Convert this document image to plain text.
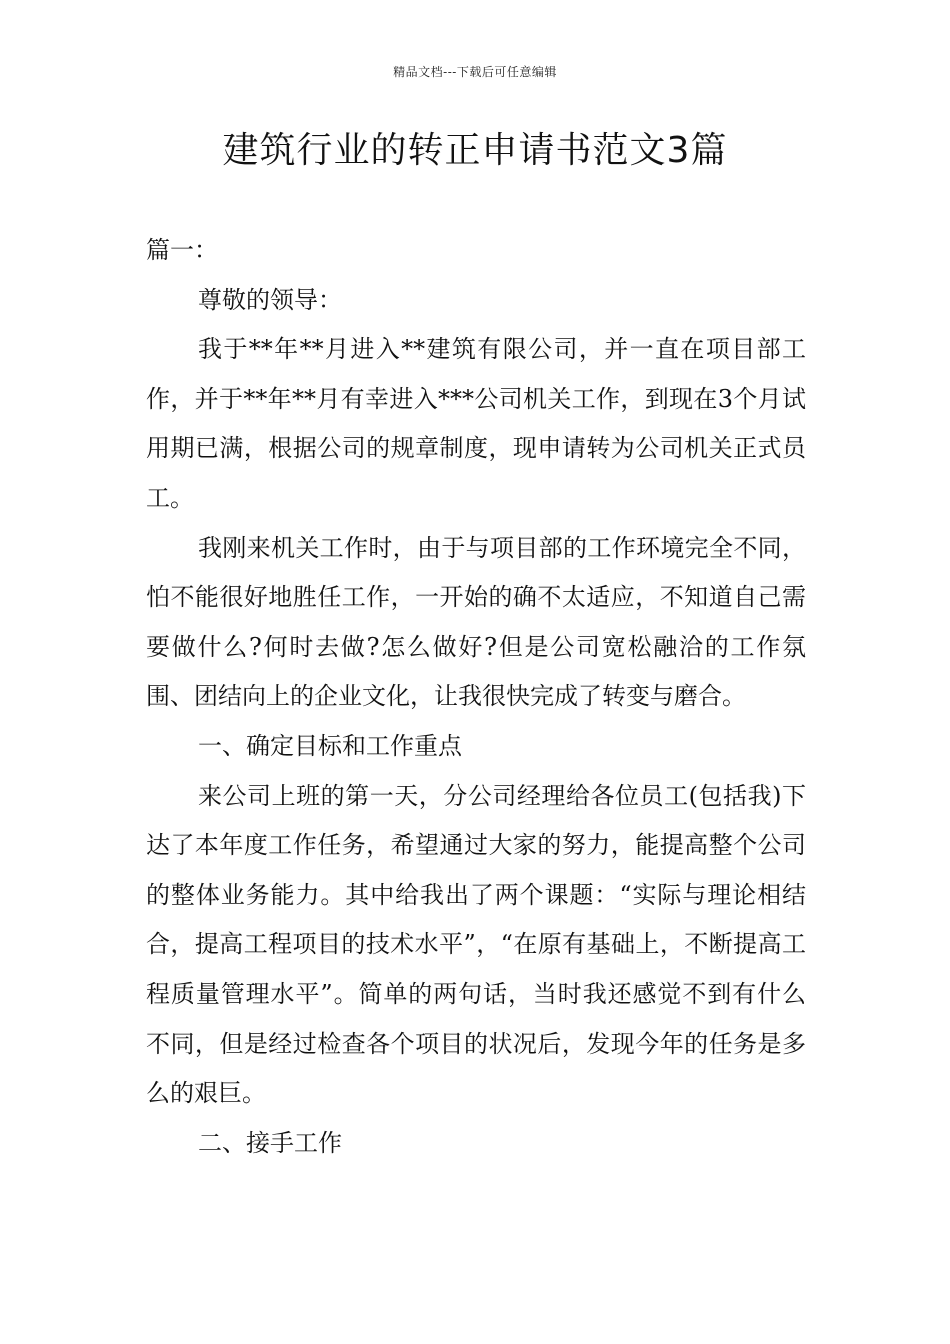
精品文档---下载后可任意编辑
建筑行业的转正申请书范文3篇

篇一：

尊敬的领导：

我于**年**月进入**建筑有限公司，并一直在项目部工作，并于**年**月有幸进入***公司机关工作，到现在3个月试用期已满，根据公司的规章制度，现申请转为公司机关正式员工。

我刚来机关工作时，由于与项目部的工作环境完全不同，怕不能很好地胜任工作，一开始的确不太适应，不知道自己需要做什么?何时去做?怎么做好?但是公司宽松融洽的工作氛围、团结向上的企业文化，让我很快完成了转变与磨合。

一、确定目标和工作重点

来公司上班的第一天，分公司经理给各位员工(包括我)下达了本年度工作任务，希望通过大家的努力，能提高整个公司的整体业务能力。其中给我出了两个课题：“实际与理论相结合，提高工程项目的技术水平”，“在原有基础上，不断提高工程质量管理水平”。简单的两句话，当时我还感觉不到有什么不同，但是经过检查各个项目的状况后，发现今年的任务是多么的艰巨。

二、接手工作
